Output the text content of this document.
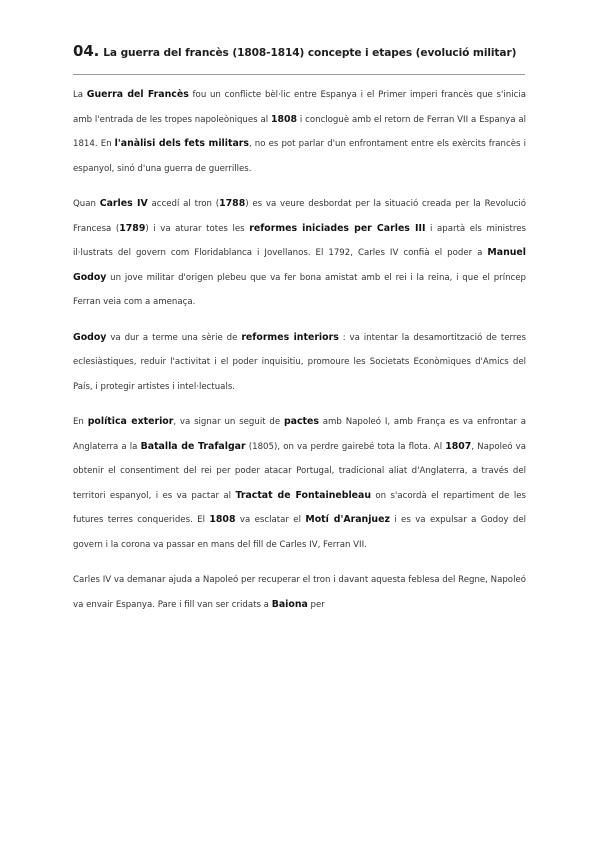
04. La guerra del francès (1808-1814) concepte i etapes (evolució militar)

La Guerra del Francès fou un conflicte bèl·lic entre Espanya i el Primer imperi francès que s'inicia amb l'entrada de les tropes napoleòniques al 1808 i concloguè amb el retorn de Ferran VII a Espanya al 1814. En l'anàlisi dels fets militars, no es pot parlar d'un enfrontament entre els exèrcits francès i espanyol, sinó d'una guerra de guerrilles.

Quan Carles IV accedí al tron (1788) es va veure desbordat per la situació creada per la Revolució Francesa (1789) i va aturar totes les reformes iniciades per Carles III i apartà els ministres il·lustrats del govern com Floridablanca i Jovellanos. El 1792, Carles IV confià el poder a Manuel Godoy un jove militar d'origen plebeu que va fer bona amistat amb el rei i la reina, i que el príncep Ferran veia com a amenaça.

Godoy va dur a terme una sèrie de reformes interiors : va intentar la desamortització de terres eclesiàstiques, reduir l'activitat i el poder inquisitiu, promoure les Societats Econòmiques d'Amics del País, i protegir artistes i intel·lectuals.

En política exterior, va signar un seguit de pactes amb Napoleó I, amb França es va enfrontar a Anglaterra a la Batalla de Trafalgar (1805), on va perdre gairebé tota la flota. Al 1807, Napoleó va obtenir el consentiment del rei per poder atacar Portugal, tradicional aliat d'Anglaterra, a través del territori espanyol, i es va pactar al Tractat de Fontainebleau on s'acordà el repartiment de les futures terres conquerides. El 1808 va esclatar el Motí d'Aranjuez i es va expulsar a Godoy del govern i la corona va passar en mans del fill de Carles IV, Ferran VII.

Carles IV va demanar ajuda a Napoleó per recuperar el tron i davant aquesta feblesa del Regne, Napoleó va envair Espanya. Pare i fill van ser cridats a Baiona per
